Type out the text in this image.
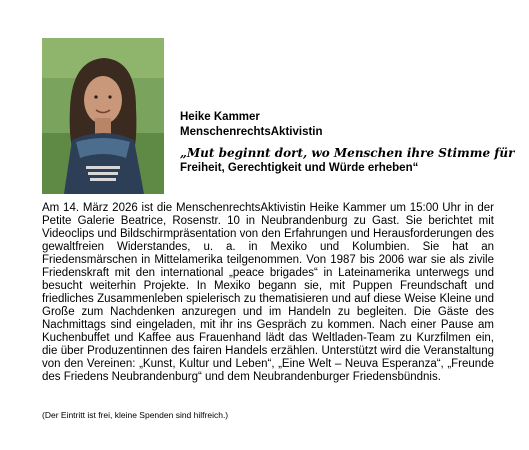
Heike Kammer
MenschenrechtsAktivistin
„Mut beginnt dort, wo Menschen ihre Stimme für
Freiheit, Gerechtigkeit und Würde erheben“
Am 14. März 2026 ist die MenschenrechtsAktivistin Heike Kammer um 15:00 Uhr in der Petite Galerie Beatrice, Rosenstr. 10 in Neubrandenburg zu Gast. Sie berichtet mit Videoclips und Bildschirmpräsentation von den Erfahrungen und Herausforderungen des gewaltfreien Widerstandes, u. a. in Mexiko und Kolumbien. Sie hat an Friedensmärschen in Mittelamerika teilgenommen. Von 1987 bis 2006 war sie als zivile Friedenskraft mit den international „peace brigades“ in Lateinamerika unterwegs und besucht weiterhin Projekte. In Mexiko begann sie, mit Puppen Freundschaft und friedliches Zusammenleben spielerisch zu thematisieren und auf diese Weise Kleine und Große zum Nachdenken anzuregen und im Handeln zu begleiten. Die Gäste des Nachmittags sind eingeladen, mit ihr ins Gespräch zu kommen. Nach einer Pause am Kuchenbuffet und Kaffee aus Frauenhand lädt das Weltladen-Team zu Kurzfilmen ein, die über Produzentinnen des fairen Handels erzählen. Unterstützt wird die Veranstaltung von den Vereinen: „Kunst, Kultur und Leben“, „Eine Welt – Neuva Esperanza“, „Freunde des Friedens Neubrandenburg“ und dem Neubrandenburger Friedensbündnis.
(Der Eintritt ist frei, kleine Spenden sind hilfreich.)
